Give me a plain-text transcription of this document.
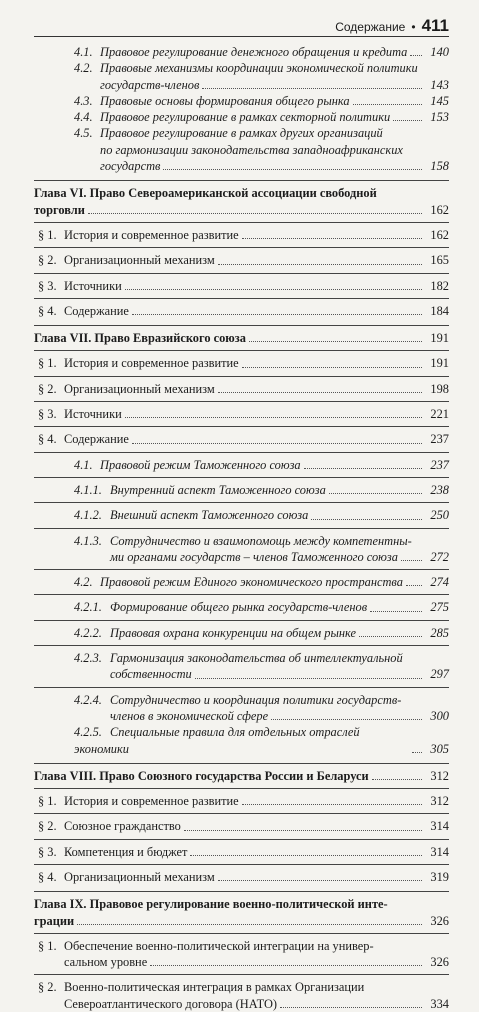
Содержание • 411
4.1. Правовое регулирование денежного обращения и кредита	140
4.2. Правовые механизмы координации экономической политики
государств-членов	143
4.3. Правовые основы формирования общего рынка	145
4.4. Правовое регулирование в рамках секторной политики	153
4.5. Правовое регулирование в рамках других организаций
по гармонизации законодательства западноафриканских
государств	158
Глава VI. Право Североамериканской ассоциации свободной
торговли	162
§ 1. История и современное развитие	162
§ 2. Организационный механизм	165
§ 3. Источники	182
§ 4. Содержание	184
Глава VII. Право Евразийского союза	191
§ 1. История и современное развитие	191
§ 2. Организационный механизм	198
§ 3. Источники	221
§ 4. Содержание	237
4.1. Правовой режим Таможенного союза	237
4.1.1. Внутренний аспект Таможенного союза	238
4.1.2. Внешний аспект Таможенного союза	250
4.1.3. Сотрудничество и взаимопомощь между компетентны-
ми органами государств – членов Таможенного союза	272
4.2. Правовой режим Единого экономического пространства	274
4.2.1. Формирование общего рынка государств-членов	275
4.2.2. Правовая охрана конкуренции на общем рынке	285
4.2.3. Гармонизация законодательства об интеллектуальной
собственности	297
4.2.4. Сотрудничество и координация политики государств-
членов в экономической сфере	300
4.2.5. Специальные правила для отдельных отраслей экономики	305
Глава VIII. Право Союзного государства России и Беларуси	312
§ 1. История и современное развитие	312
§ 2. Союзное гражданство	314
§ 3. Компетенция и бюджет	314
§ 4. Организационный механизм	319
Глава IX. Правовое регулирование военно-политической инте-
грации	326
§ 1. Обеспечение военно-политической интеграции на универ-
сальном уровне	326
§ 2. Военно-политическая интеграция в рамках Организации
Североатлантического договора (НАТО)	334
